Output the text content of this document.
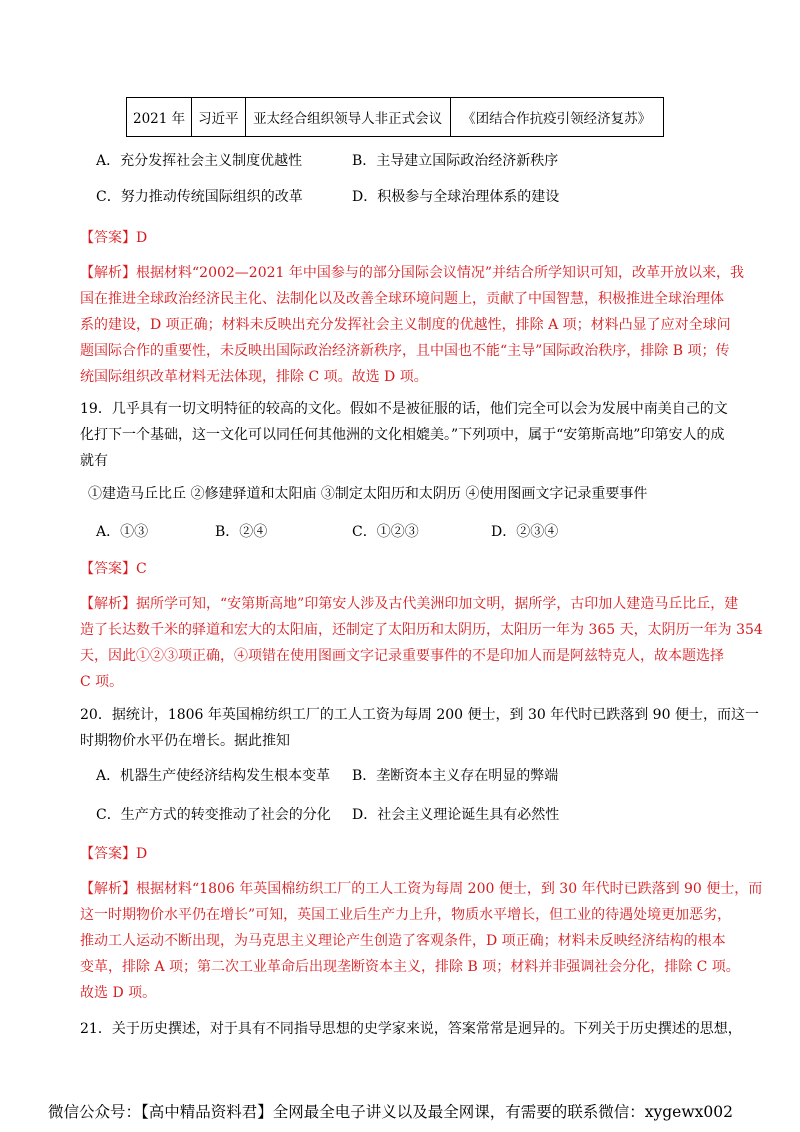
2021 年	习近平	亚太经合组织领导人非正式会议	《团结合作抗疫引领经济复苏》
A．充分发挥社会主义制度优越性	B．主导建立国际政治经济新秩序
C．努力推动传统国际组织的改革	D．积极参与全球治理体系的建设
【答案】D
【解析】根据材料“2002—2021 年中国参与的部分国际会议情况”并结合所学知识可知，改革开放以来，我
国在推进全球政治经济民主化、法制化以及改善全球环境问题上，贡献了中国智慧，积极推进全球治理体
系的建设，D 项正确；材料未反映出充分发挥社会主义制度的优越性，排除 A 项；材料凸显了应对全球问
题国际合作的重要性，未反映出国际政治经济新秩序，且中国也不能“主导”国际政治秩序，排除 B 项；传
统国际组织改革材料无法体现，排除 C 项。故选 D 项。
19．几乎具有一切文明特征的较高的文化。假如不是被征服的话，他们完全可以会为发展中南美自己的文
化打下一个基础，这一文化可以同任何其他洲的文化相媲美。”下列项中，属于“安第斯高地”印第安人的成
就有
①建造马丘比丘 ②修建驿道和太阳庙 ③制定太阳历和太阴历 ④使用图画文字记录重要事件
A．①③	B．②④	C．①②③	D．②③④
【答案】C
【解析】据所学可知，“安第斯高地”印第安人涉及古代美洲印加文明，据所学，古印加人建造马丘比丘，建
造了长达数千米的驿道和宏大的太阳庙，还制定了太阳历和太阴历，太阳历一年为 365 天，太阴历一年为 354
天，因此①②③项正确，④项错在使用图画文字记录重要事件的不是印加人而是阿兹特克人，故本题选择
C 项。
20．据统计，1806 年英国棉纺织工厂的工人工资为每周 200 便士，到 30 年代时已跌落到 90 便士，而这一
时期物价水平仍在增长。据此推知
A．机器生产使经济结构发生根本变革 B．垄断资本主义存在明显的弊端
C．生产方式的转变推动了社会的分化 D．社会主义理论诞生具有必然性
【答案】D
【解析】根据材料“1806 年英国棉纺织工厂的工人工资为每周 200 便士，到 30 年代时已跌落到 90 便士，而
这一时期物价水平仍在增长”可知，英国工业后生产力上升，物质水平增长，但工业的待遇处境更加恶劣，
推动工人运动不断出现，为马克思主义理论产生创造了客观条件，D 项正确；材料未反映经济结构的根本
变革，排除 A 项；第二次工业革命后出现垄断资本主义，排除 B 项；材料并非强调社会分化，排除 C 项。
故选 D 项。
21．关于历史撰述，对于具有不同指导思想的史学家来说，答案常常是迥异的。下列关于历史撰述的思想，
微信公众号：【高中精品资料君】全网最全电子讲义以及最全网课，有需要的联系微信：xygewx002
